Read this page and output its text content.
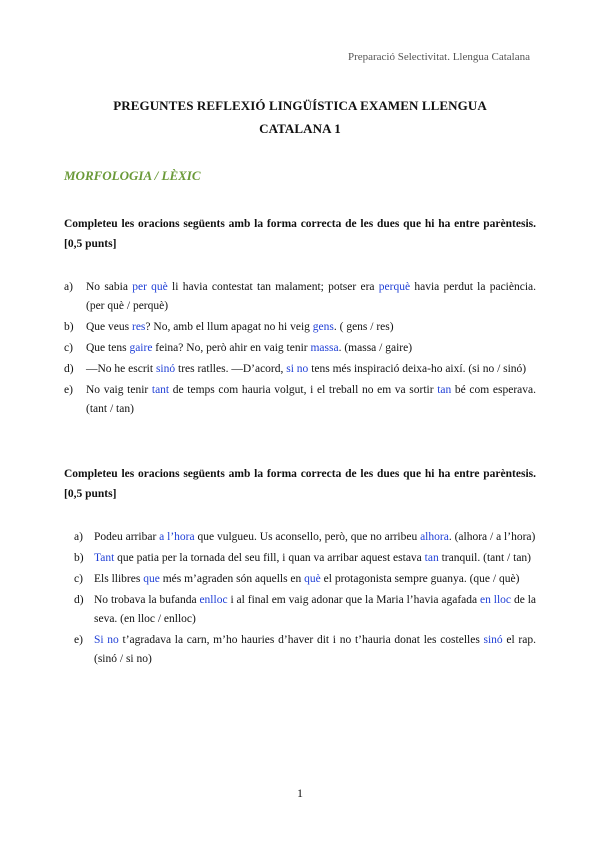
Preparació Selectivitat. Llengua Catalana
PREGUNTES REFLEXIÓ LINGÜÍSTICA EXAMEN LLENGUA
CATALANA 1
MORFOLOGIA / LÈXIC
Completeu les oracions següents amb la forma correcta de les dues que hi ha entre parèntesis.[0,5 punts]
a) No sabia per què li havia contestat tan malament; potser era perquè havia perdut la paciència. (per què / perquè)
b) Que veus res? No, amb el llum apagat no hi veig gens. ( gens / res)
c) Que tens gaire feina? No, però ahir en vaig tenir massa. (massa / gaire)
d) —No he escrit sinó tres ratlles. —D’acord, si no tens més inspiració deixa-ho així. (si no / sinó)
e) No vaig tenir tant de temps com hauria volgut, i el treball no em va sortir tan bé com esperava. (tant / tan)
Completeu les oracions següents amb la forma correcta de les dues que hi ha entre parèntesis. [0,5 punts]
a) Podeu arribar a l’hora que vulgueu. Us aconsello, però, que no arribeu alhora. (alhora / a l’hora)
b) Tant que patia per la tornada del seu fill, i quan va arribar aquest estava tan tranquil. (tant / tan)
c) Els llibres que més m’agraden són aquells en què el protagonista sempre guanya. (que / què)
d) No trobava la bufanda enlloc i al final em vaig adonar que la Maria l’havia agafada en lloc de la seva. (en lloc / enlloc)
e) Si no t’agradava la carn, m’ho hauries d’haver dit i no t’hauria donat les costelles sinó el rap. (sinó / si no)
1
